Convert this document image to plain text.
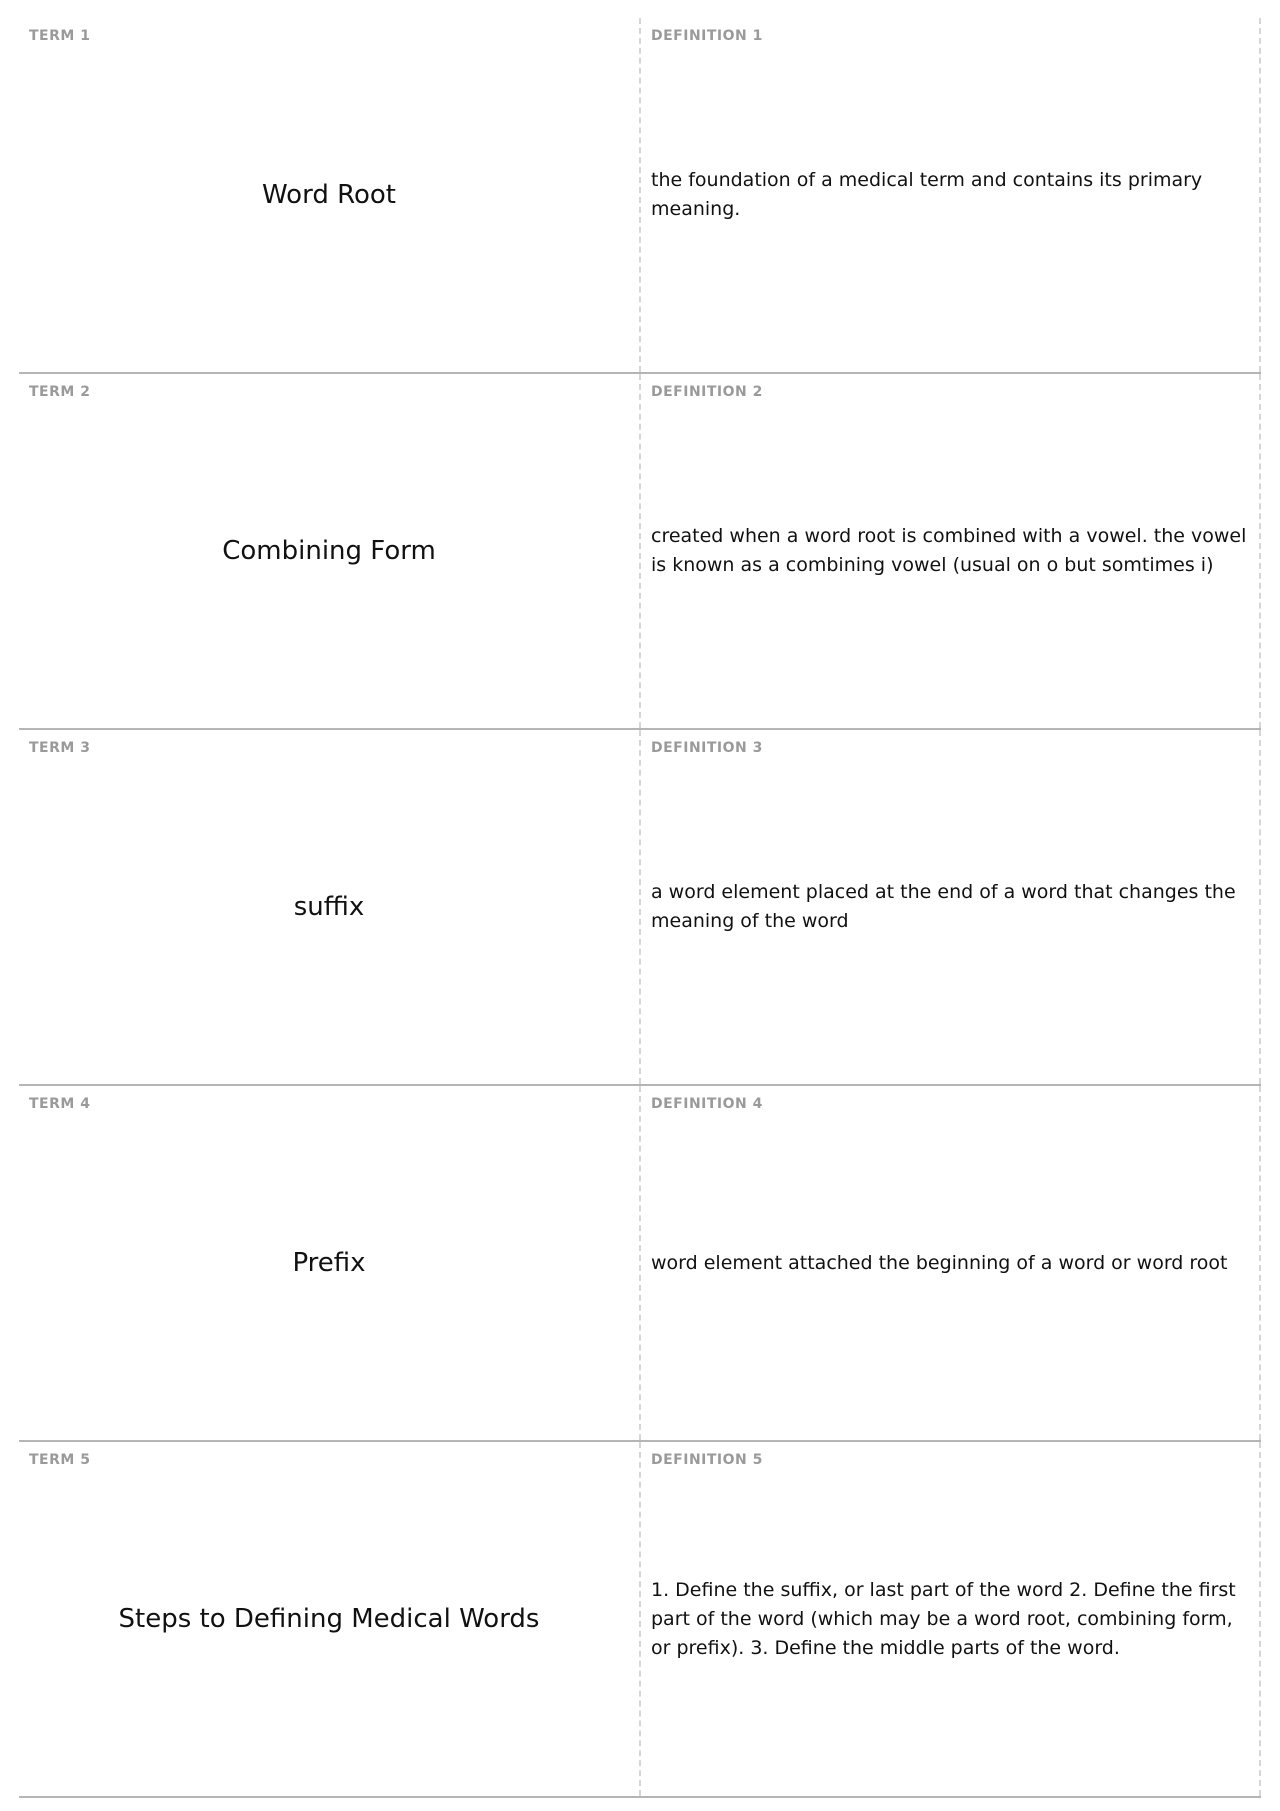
TERM 1
Word Root
DEFINITION 1
the foundation of a medical term and contains its primary meaning.
TERM 2
Combining Form
DEFINITION 2
created when a word root is combined with a vowel. the vowel is known as a combining vowel (usual on o but somtimes i)
TERM 3
suffix
DEFINITION 3
a word element placed at the end of a word that changes the meaning of the word
TERM 4
Prefix
DEFINITION 4
word element attached the beginning of a word or word root
TERM 5
Steps to Defining Medical Words
DEFINITION 5
1. Define the suffix, or last part of the word 2. Define the first part of the word (which may be a word root, combining form, or prefix). 3. Define the middle parts of the word.
